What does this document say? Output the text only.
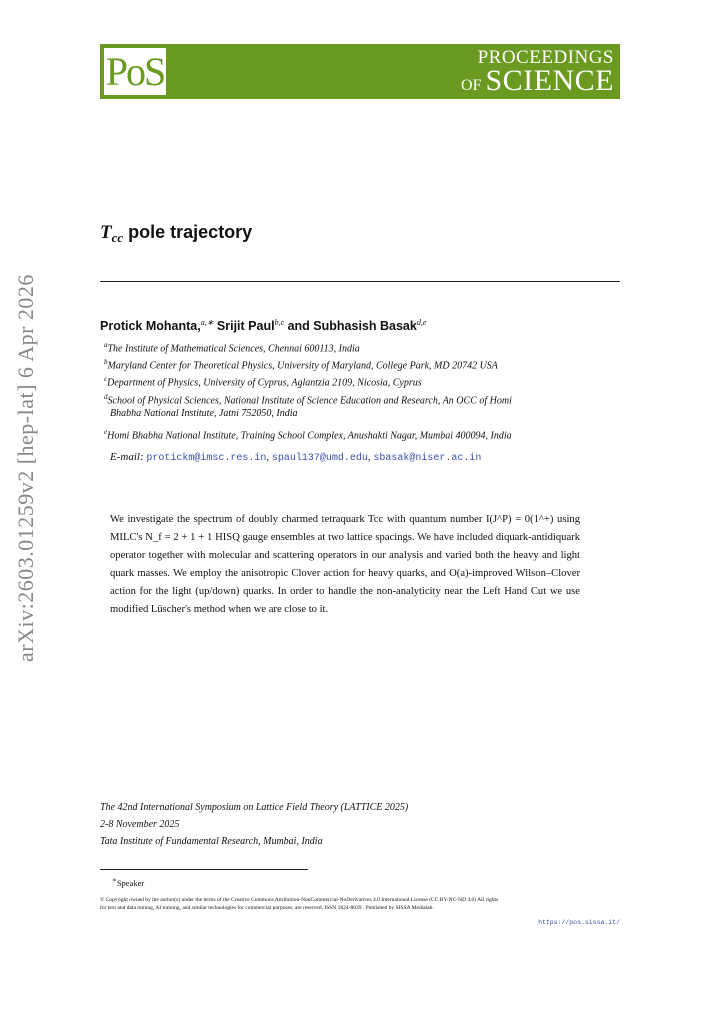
PoS	PROCEEDINGS
OF SCIENCE
arXiv:2603.01259v2 [hep-lat] 6 Apr 2026
$T_{cc}$ pole trajectory
Protick Mohanta,$^{a,∗}$ Srijit Paul$^{b,c}$ and Subhasish Basak$^{d,e}$
$^a$The Institute of Mathematical Sciences, Chennai 600113, India
$^b$Maryland Center for Theoretical Physics, University of Maryland, College Park, MD 20742 USA
$^c$Department of Physics, University of Cyprus, Aglantzia 2109, Nicosia, Cyprus
$^d$School of Physical Sciences, National Institute of Science Education and Research, An OCC of Homi
Bhabha National Institute, Jatni 752050, India
$^e$Homi Bhabha National Institute, Training School Complex, Anushakti Nagar, Mumbai 400094, India
E-mail: protickm@imsc.res.in, spaul137@umd.edu, sbasak@niser.ac.in

We investigate the spectrum of doubly charmed tetraquark Tcc with quantum number I(J^P) = 0(1^+) using MILC's N_f = 2 + 1 + 1 HISQ gauge ensembles at two lattice spacings. We have included diquark-antidiquark operator together with molecular and scattering operators in our analysis and varied both the heavy and light quark masses. We employ the anisotropic Clover action for heavy quarks, and O(a)-improved Wilson–Clover action for the light (up/down) quarks. In order to handle the non-analyticity near the Left Hand Cut we use modified Lüscher's method when we are close to it.

The 42nd International Symposium on Lattice Field Theory (LATTICE 2025)
2-8 November 2025
Tata Institute of Fundamental Research, Mumbai, India
∗Speaker
© Copyright owned by the author(s) under the terms of the Creative Commons Attribution-NonCommercial-NoDerivatives 4.0 International License (CC BY-NC-ND 4.0) All rights for text and data mining, AI training, and similar technologies for commercial purposes, are reserved. ISSN 1824-8039 . Published by SISSA Medialab.
https://pos.sissa.it/
